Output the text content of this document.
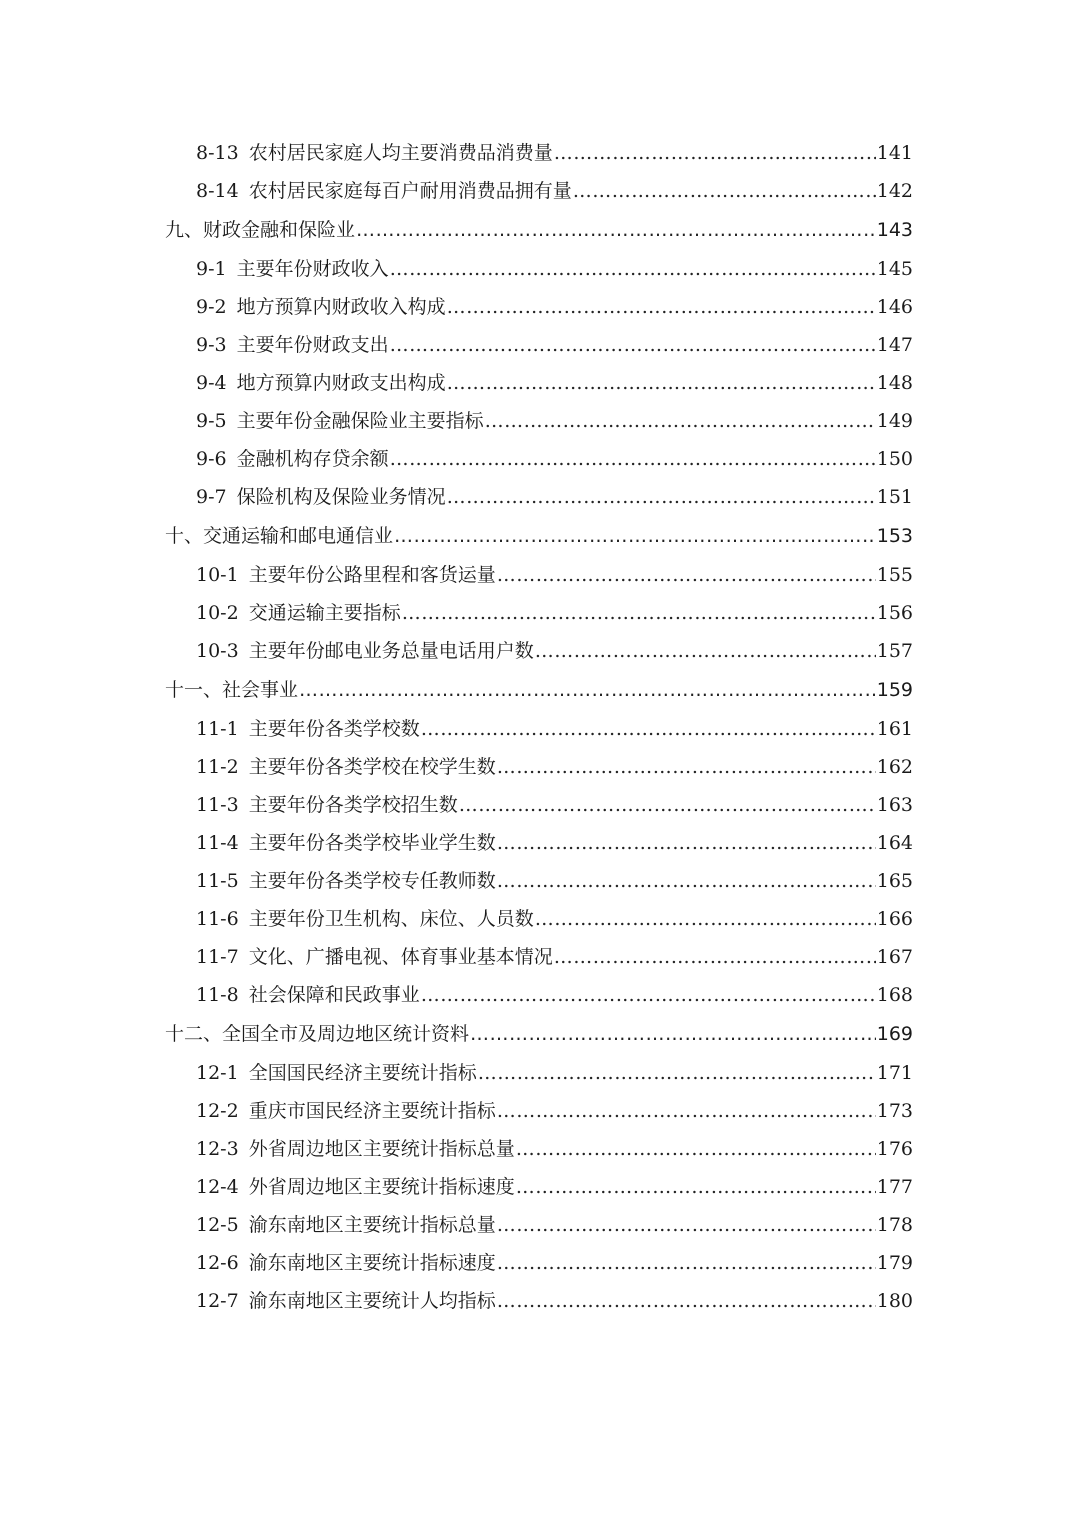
8-13 农村居民家庭人均主要消费品消费量 ………………………………………………………………………………………………………………………………………………………………………………………………	141
8-14 农村居民家庭每百户耐用消费品拥有量 ………………………………………………………………………………………………………………………………………………………………………………………………	142
九、财政金融和保险业 ………………………………………………………………………………………………………………………………………………………………………………………………	143
9-1 主要年份财政收入 ………………………………………………………………………………………………………………………………………………………………………………………………	145
9-2 地方预算内财政收入构成 ………………………………………………………………………………………………………………………………………………………………………………………………	146
9-3 主要年份财政支出 ………………………………………………………………………………………………………………………………………………………………………………………………	147
9-4 地方预算内财政支出构成 ………………………………………………………………………………………………………………………………………………………………………………………………	148
9-5 主要年份金融保险业主要指标 ………………………………………………………………………………………………………………………………………………………………………………………………	149
9-6 金融机构存贷余额 ………………………………………………………………………………………………………………………………………………………………………………………………	150
9-7 保险机构及保险业务情况 ………………………………………………………………………………………………………………………………………………………………………………………………	151
十、交通运输和邮电通信业 ………………………………………………………………………………………………………………………………………………………………………………………………	153
10-1 主要年份公路里程和客货运量 ………………………………………………………………………………………………………………………………………………………………………………………………	155
10-2 交通运输主要指标 ………………………………………………………………………………………………………………………………………………………………………………………………	156
10-3 主要年份邮电业务总量电话用户数 ………………………………………………………………………………………………………………………………………………………………………………………………	157
十一、社会事业 ………………………………………………………………………………………………………………………………………………………………………………………………	159
11-1 主要年份各类学校数 ………………………………………………………………………………………………………………………………………………………………………………………………	161
11-2 主要年份各类学校在校学生数 ………………………………………………………………………………………………………………………………………………………………………………………………	162
11-3 主要年份各类学校招生数 ………………………………………………………………………………………………………………………………………………………………………………………………	163
11-4 主要年份各类学校毕业学生数 ………………………………………………………………………………………………………………………………………………………………………………………………	164
11-5 主要年份各类学校专任教师数 ………………………………………………………………………………………………………………………………………………………………………………………………	165
11-6 主要年份卫生机构、床位、人员数 ………………………………………………………………………………………………………………………………………………………………………………………………	166
11-7 文化、广播电视、体育事业基本情况 ………………………………………………………………………………………………………………………………………………………………………………………………	167
11-8 社会保障和民政事业 ………………………………………………………………………………………………………………………………………………………………………………………………	168
十二、全国全市及周边地区统计资料 ………………………………………………………………………………………………………………………………………………………………………………………………	169
12-1 全国国民经济主要统计指标 ………………………………………………………………………………………………………………………………………………………………………………………………	171
12-2 重庆市国民经济主要统计指标 ………………………………………………………………………………………………………………………………………………………………………………………………	173
12-3 外省周边地区主要统计指标总量 ………………………………………………………………………………………………………………………………………………………………………………………………	176
12-4 外省周边地区主要统计指标速度 ………………………………………………………………………………………………………………………………………………………………………………………………	177
12-5 渝东南地区主要统计指标总量 ………………………………………………………………………………………………………………………………………………………………………………………………	178
12-6 渝东南地区主要统计指标速度 ………………………………………………………………………………………………………………………………………………………………………………………………	179
12-7 渝东南地区主要统计人均指标 ………………………………………………………………………………………………………………………………………………………………………………………………	180
